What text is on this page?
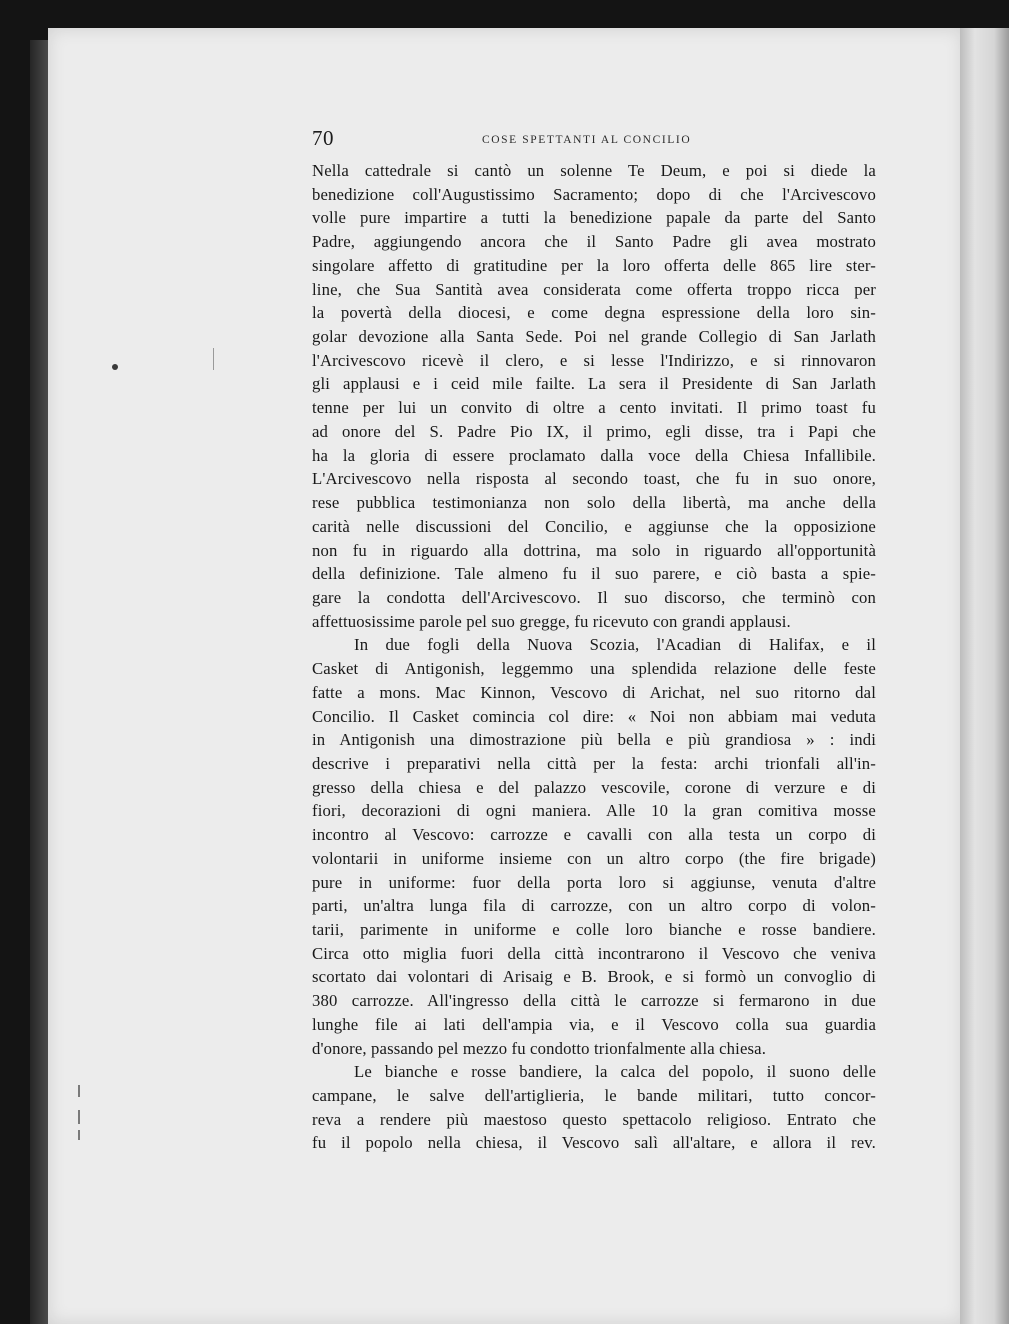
70	COSE SPETTANTI AL CONCILIO
Nella cattedrale si cantò un solenne Te Deum, e poi si diede la
benedizione coll'Augustissimo Sacramento; dopo di che l'Arcivescovo
volle pure impartire a tutti la benedizione papale da parte del Santo
Padre, aggiungendo ancora che il Santo Padre gli avea mostrato
singolare affetto di gratitudine per la loro offerta delle 865 lire ster-
line, che Sua Santità avea considerata come offerta troppo ricca per
la povertà della diocesi, e come degna espressione della loro sin-
golar devozione alla Santa Sede. Poi nel grande Collegio di San Jarlath
l'Arcivescovo ricevè il clero, e si lesse l'Indirizzo, e si rinnovaron
gli applausi e i ceid mile failte. La sera il Presidente di San Jarlath
tenne per lui un convito di oltre a cento invitati. Il primo toast fu
ad onore del S. Padre Pio IX, il primo, egli disse, tra i Papi che
ha la gloria di essere proclamato dalla voce della Chiesa Infallibile.
L'Arcivescovo nella risposta al secondo toast, che fu in suo onore,
rese pubblica testimonianza non solo della libertà, ma anche della
carità nelle discussioni del Concilio, e aggiunse che la opposizione
non fu in riguardo alla dottrina, ma solo in riguardo all'opportunità
della definizione. Tale almeno fu il suo parere, e ciò basta a spie-
gare la condotta dell'Arcivescovo. Il suo discorso, che terminò con
affettuosissime parole pel suo gregge, fu ricevuto con grandi applausi.
In due fogli della Nuova Scozia, l'Acadian di Halifax, e il
Casket di Antigonish, leggemmo una splendida relazione delle feste
fatte a mons. Mac Kinnon, Vescovo di Arichat, nel suo ritorno dal
Concilio. Il Casket comincia col dire: « Noi non abbiam mai veduta
in Antigonish una dimostrazione più bella e più grandiosa » : indi
descrive i preparativi nella città per la festa: archi trionfali all'in-
gresso della chiesa e del palazzo vescovile, corone di verzure e di
fiori, decorazioni di ogni maniera. Alle 10 la gran comitiva mosse
incontro al Vescovo: carrozze e cavalli con alla testa un corpo di
volontarii in uniforme insieme con un altro corpo (the fire brigade)
pure in uniforme: fuor della porta loro si aggiunse, venuta d'altre
parti, un'altra lunga fila di carrozze, con un altro corpo di volon-
tarii, parimente in uniforme e colle loro bianche e rosse bandiere.
Circa otto miglia fuori della città incontrarono il Vescovo che veniva
scortato dai volontari di Arisaig e B. Brook, e si formò un convoglio di
380 carrozze. All'ingresso della città le carrozze si fermarono in due
lunghe file ai lati dell'ampia via, e il Vescovo colla sua guardia
d'onore, passando pel mezzo fu condotto trionfalmente alla chiesa.
Le bianche e rosse bandiere, la calca del popolo, il suono delle
campane, le salve dell'artiglieria, le bande militari, tutto concor-
reva a rendere più maestoso questo spettacolo religioso. Entrato che
fu il popolo nella chiesa, il Vescovo salì all'altare, e allora il rev.
